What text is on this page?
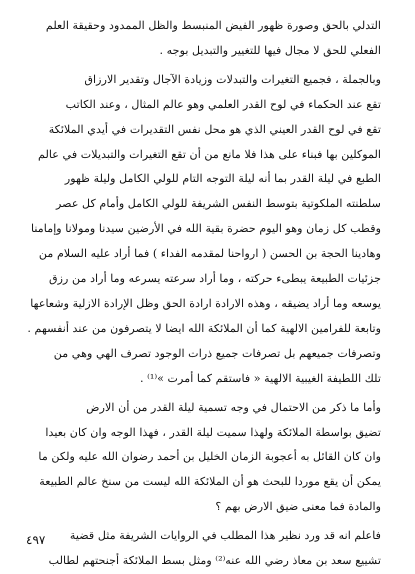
التدلي بالحق وصورة ظهور الفيض المنبسط والظل الممدود وحقيقة العلم
الفعلي للحق لا مجال فيها للتغيير والتبديل بوجه .

وبالجملة ، فجميع التغيرات والتبدلات وزيادة الآجال وتقدير الارزاق
تقع عند الحكماء في لوح القدر العلمي وهو عالم المثال ، وعند الكاتب
تقع في لوح القدر العيني الذي هو محل نفس التقديرات في أيدي الملائكة
الموكلين بها فبناء على هذا فلا مانع من أن تقع التغيرات والتبديلات في عالم
الطبع في ليلة القدر بما أنه ليلة التوجه التام للولي الكامل وليلة ظهور
سلطنته الملكوتية بتوسط النفس الشريفة للولي الكامل وأمام كل عصر
وقطب كل زمان وهو اليوم حضرة بقية الله في الأرضين سيدنا ومولانا وإمامنا
وهادينا الحجة بن الحسن ( ارواحنا لمقدمه الفداء ) فما أراد عليه السلام من
جزئيات الطبيعة يبطىء حركته ، وما أراد سرعته يسرعه وما أراد من رزق
يوسعه وما أراد يضيقه ، وهذه الارادة ارادة الحق وظل الإرادة الازلية وشعاعها
وتابعة للفرامين الالهية كما أن الملائكة الله ايضا لا يتصرفون من عند أنفسهم .
وتصرفات جميعهم بل تصرفات جميع ذرات الوجود تصرف الهي وهي من
تلك اللطيفة الغيبية الالهية « فاستقم كما أمرت »⁽¹⁾ .

وأما ما ذكر من الاحتمال في وجه تسمية ليلة القدر من أن الارض
تضيق بواسطة الملائكة ولهذا سميت ليلة القدر ، فهذا الوجه وان كان بعيدا
وان كان القائل به أعجوبة الزمان الخليل بن أحمد رضوان الله عليه ولكن ما
يمكن أن يقع موردا للبحث هو أن الملائكة الله ليست من سنخ عالم الطبيعة
والمادة فما معنى ضيق الارض بهم ؟

فاعلم انه قد ورد نظير هذا المطلب في الروايات الشريفة مثل قضية
تشييع سعد بن معاذ رضي الله عنه⁽²⁾ ومثل بسط الملائكة أجنحتهم لطالب

٤٩٧
